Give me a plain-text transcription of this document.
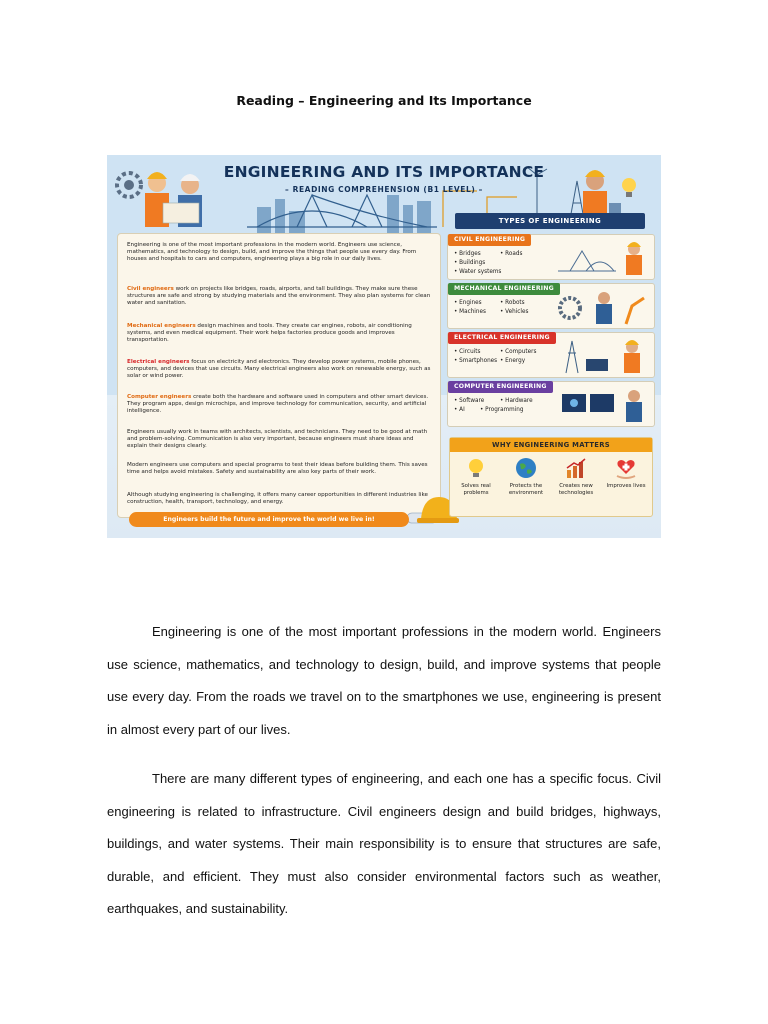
Reading – Engineering and Its Importance
ENGINEERING AND ITS IMPORTANCE
– READING COMPREHENSION (B1 LEVEL) –

Engineering is one of the most important professions in the modern world. Engineers use science, mathematics, and technology to design, build, and improve the things that people use every day. From houses and hospitals to cars and computers, engineering plays a big role in our daily lives.

Civil engineers work on projects like bridges, roads, airports, and tall buildings. They make sure these structures are safe and strong by studying materials and the environment. They also plan systems for clean water and sanitation.

Mechanical engineers design machines and tools. They create car engines, robots, air conditioning systems, and even medical equipment. Their work helps factories produce goods and improves transportation.

Electrical engineers focus on electricity and electronics. They develop power systems, mobile phones, computers, and devices that use circuits. Many electrical engineers also work on renewable energy, such as solar or wind power.

Computer engineers create both the hardware and software used in computers and other smart devices. They program apps, design microchips, and improve technology for communication, security, and artificial intelligence.

Engineers usually work in teams with architects, scientists, and technicians. They need to be good at math and problem-solving. Communication is also very important, because engineers must share ideas and explain their designs clearly.

Modern engineers use computers and special programs to test their ideas before building them. This saves time and helps avoid mistakes. Safety and sustainability are also key parts of their work.

Although studying engineering is challenging, it offers many career opportunities in different industries like construction, health, transport, technology, and energy.

Engineers build the future and improve the world we live in!
TYPES OF ENGINEERING
CIVIL ENGINEERING
• Bridges	• Roads
• Buildings• Water systems
MECHANICAL ENGINEERING
• Engines	• Robots
• Machines • Vehicles
ELECTRICAL ENGINEERING
• Circuits	• Computers
• Smartphones • Energy
COMPUTER ENGINEERING
• Software	• Hardware
• AI	• Programming
WHY ENGINEERING MATTERS
Solves real problems
Protects the environment
Creates new technologies
Improves lives

Engineering is one of the most important professions in the modern world. Engineers use science, mathematics, and technology to design, build, and improve systems that people use every day. From the roads we travel on to the smartphones we use, engineering is present in almost every part of our lives.

There are many different types of engineering, and each one has a specific focus. Civil engineering is related to infrastructure. Civil engineers design and build bridges, highways, buildings, and water systems. Their main responsibility is to ensure that structures are safe, durable, and efficient. They must also consider environmental factors such as weather, earthquakes, and sustainability.
